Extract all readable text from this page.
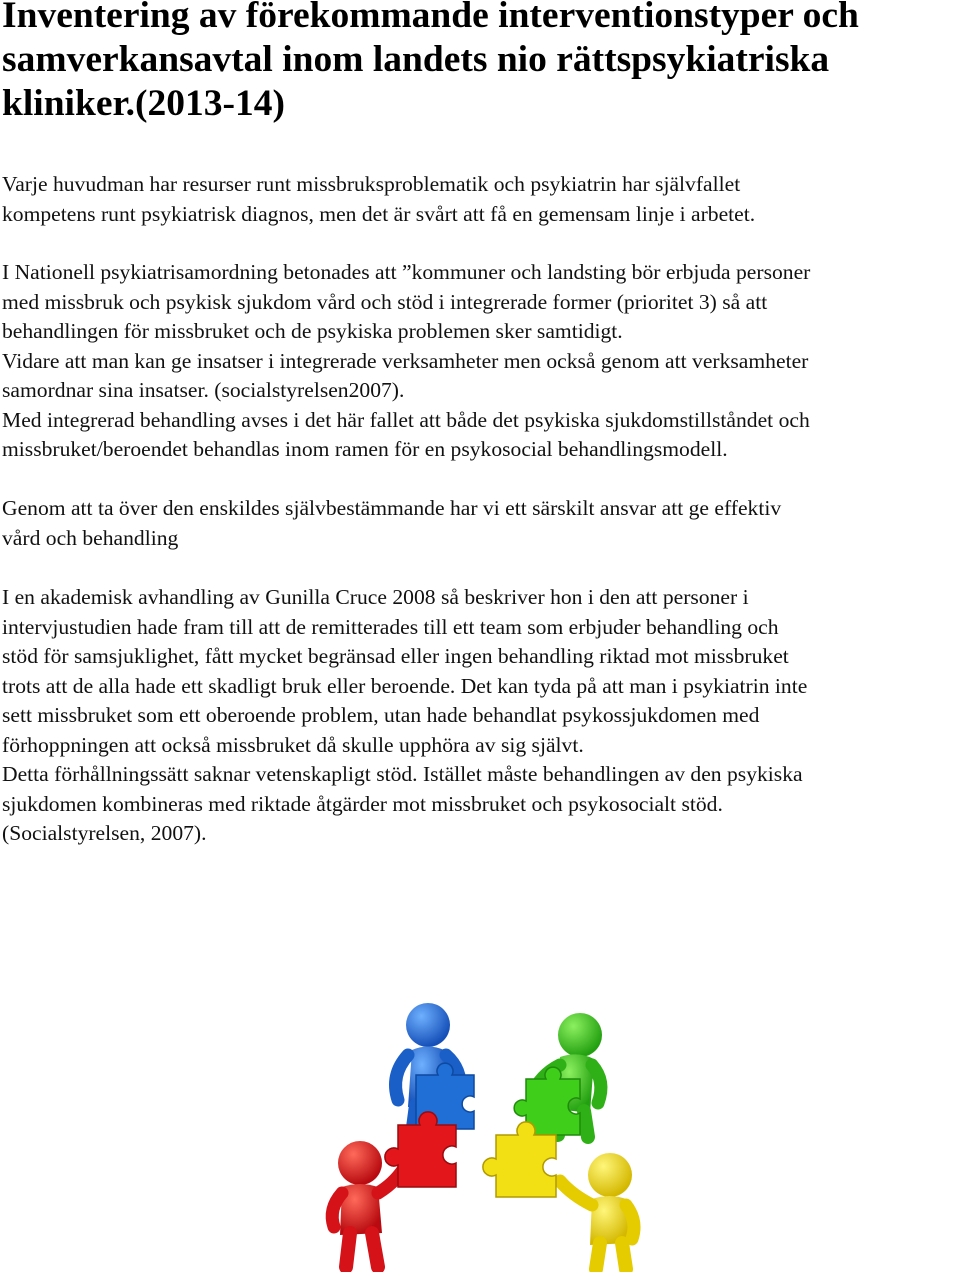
Inventering av förekommande interventionstyper och
samverkansavtal inom landets nio rättspsykiatriska
kliniker.(2013-14)
Varje huvudman har resurser runt missbruksproblematik och psykiatrin har självfallet
kompetens runt psykiatrisk diagnos, men det är svårt att få en gemensam linje i arbetet.
I Nationell psykiatrisamordning betonades att ”kommuner och landsting bör erbjuda personer
med missbruk och psykisk sjukdom vård och stöd i integrerade former (prioritet 3) så att
behandlingen för missbruket och de psykiska problemen sker samtidigt.
Vidare att man kan ge insatser i integrerade verksamheter men också genom att verksamheter
samordnar sina insatser. (socialstyrelsen2007).
Med integrerad behandling avses i det här fallet att både det psykiska sjukdomstillståndet och
missbruket/beroendet behandlas inom ramen för en psykosocial behandlingsmodell.
Genom att ta över den enskildes självbestämmande har vi ett särskilt ansvar att ge effektiv
vård och behandling
I en akademisk avhandling av Gunilla Cruce 2008 så beskriver hon i den att personer i
intervjustudien hade fram till att de remitterades till ett team som erbjuder behandling och
stöd för samsjuklighet, fått mycket begränsad eller ingen behandling riktad mot missbruket
trots att de alla hade ett skadligt bruk eller beroende. Det kan tyda på att man i psykiatrin inte
sett missbruket som ett oberoende problem, utan hade behandlat psykossjukdomen med
förhoppningen att också missbruket då skulle upphöra av sig självt.
Detta förhållningssätt saknar vetenskapligt stöd. Istället måste behandlingen av den psykiska
sjukdomen kombineras med riktade åtgärder mot missbruket och psykosocialt stöd.
(Socialstyrelsen, 2007).
